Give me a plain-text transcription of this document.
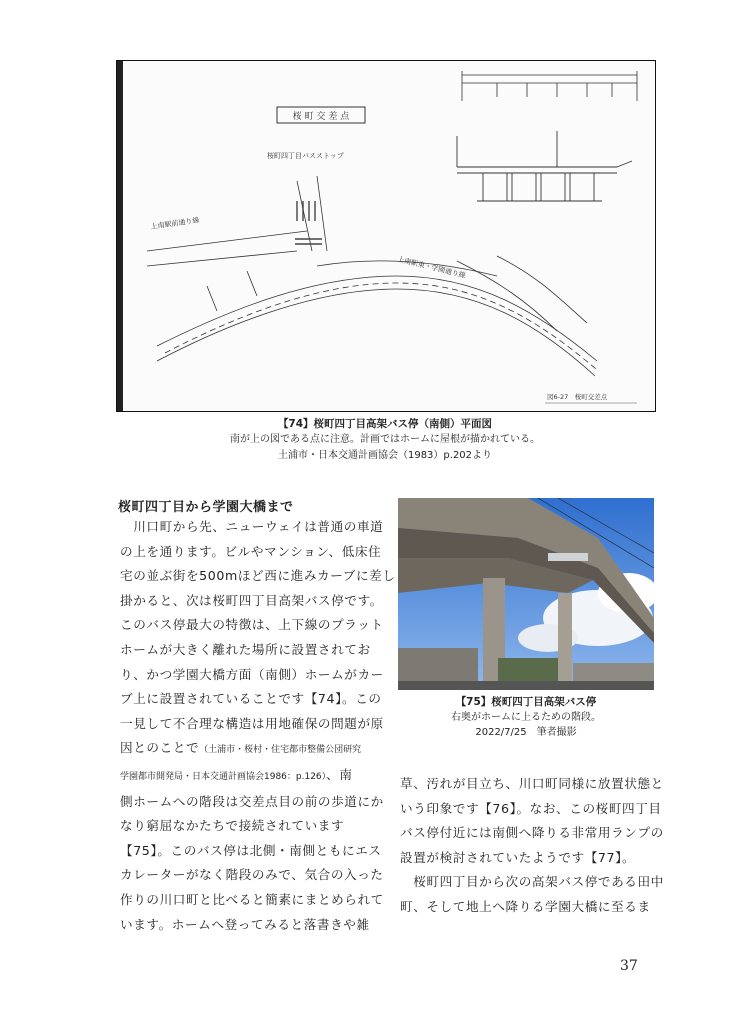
桜 町 交 差 点
桜町四丁目バスストップ
上南駅前通り線
上南駅東・学園通り線
図6-27　桜町交差点
【74】桜町四丁目高架バス停（南側）平面図
南が上の図である点に注意。計画ではホームに屋根が描かれている。
土浦市・日本交通計画協会（1983）p.202より
桜町四丁目から学園大橋まで
　川口町から先、ニューウェイは普通の車道
の上を通ります。ビルやマンション、低床住
宅の並ぶ街を500mほど西に進みカーブに差し
掛かると、次は桜町四丁目高架バス停です。
このバス停最大の特徴は、上下線のプラット
ホームが大きく離れた場所に設置されてお
り、かつ学園大橋方面（南側）ホームがカー
ブ上に設置されていることです【74】。この
一見して不合理な構造は用地確保の問題が原
因とのことで（土浦市・桜村・住宅都市整備公団研究
学園都市開発局・日本交通計画協会1986：p.126）、南
側ホームへの階段は交差点目の前の歩道にか
なり窮屈なかたちで接続されています
【75】。このバス停は北側・南側ともにエス
カレーターがなく階段のみで、気合の入った
作りの川口町と比べると簡素にまとめられて
います。ホームへ登ってみると落書きや雑
【75】桜町四丁目高架バス停
右奥がホームに上るための階段。
2022/7/25　筆者撮影
草、汚れが目立ち、川口町同様に放置状態と
いう印象です【76】。なお、この桜町四丁目
バス停付近には南側へ降りる非常用ランプの
設置が検討されていたようです【77】。
　桜町四丁目から次の高架バス停である田中
町、そして地上へ降りる学園大橋に至るま
37
